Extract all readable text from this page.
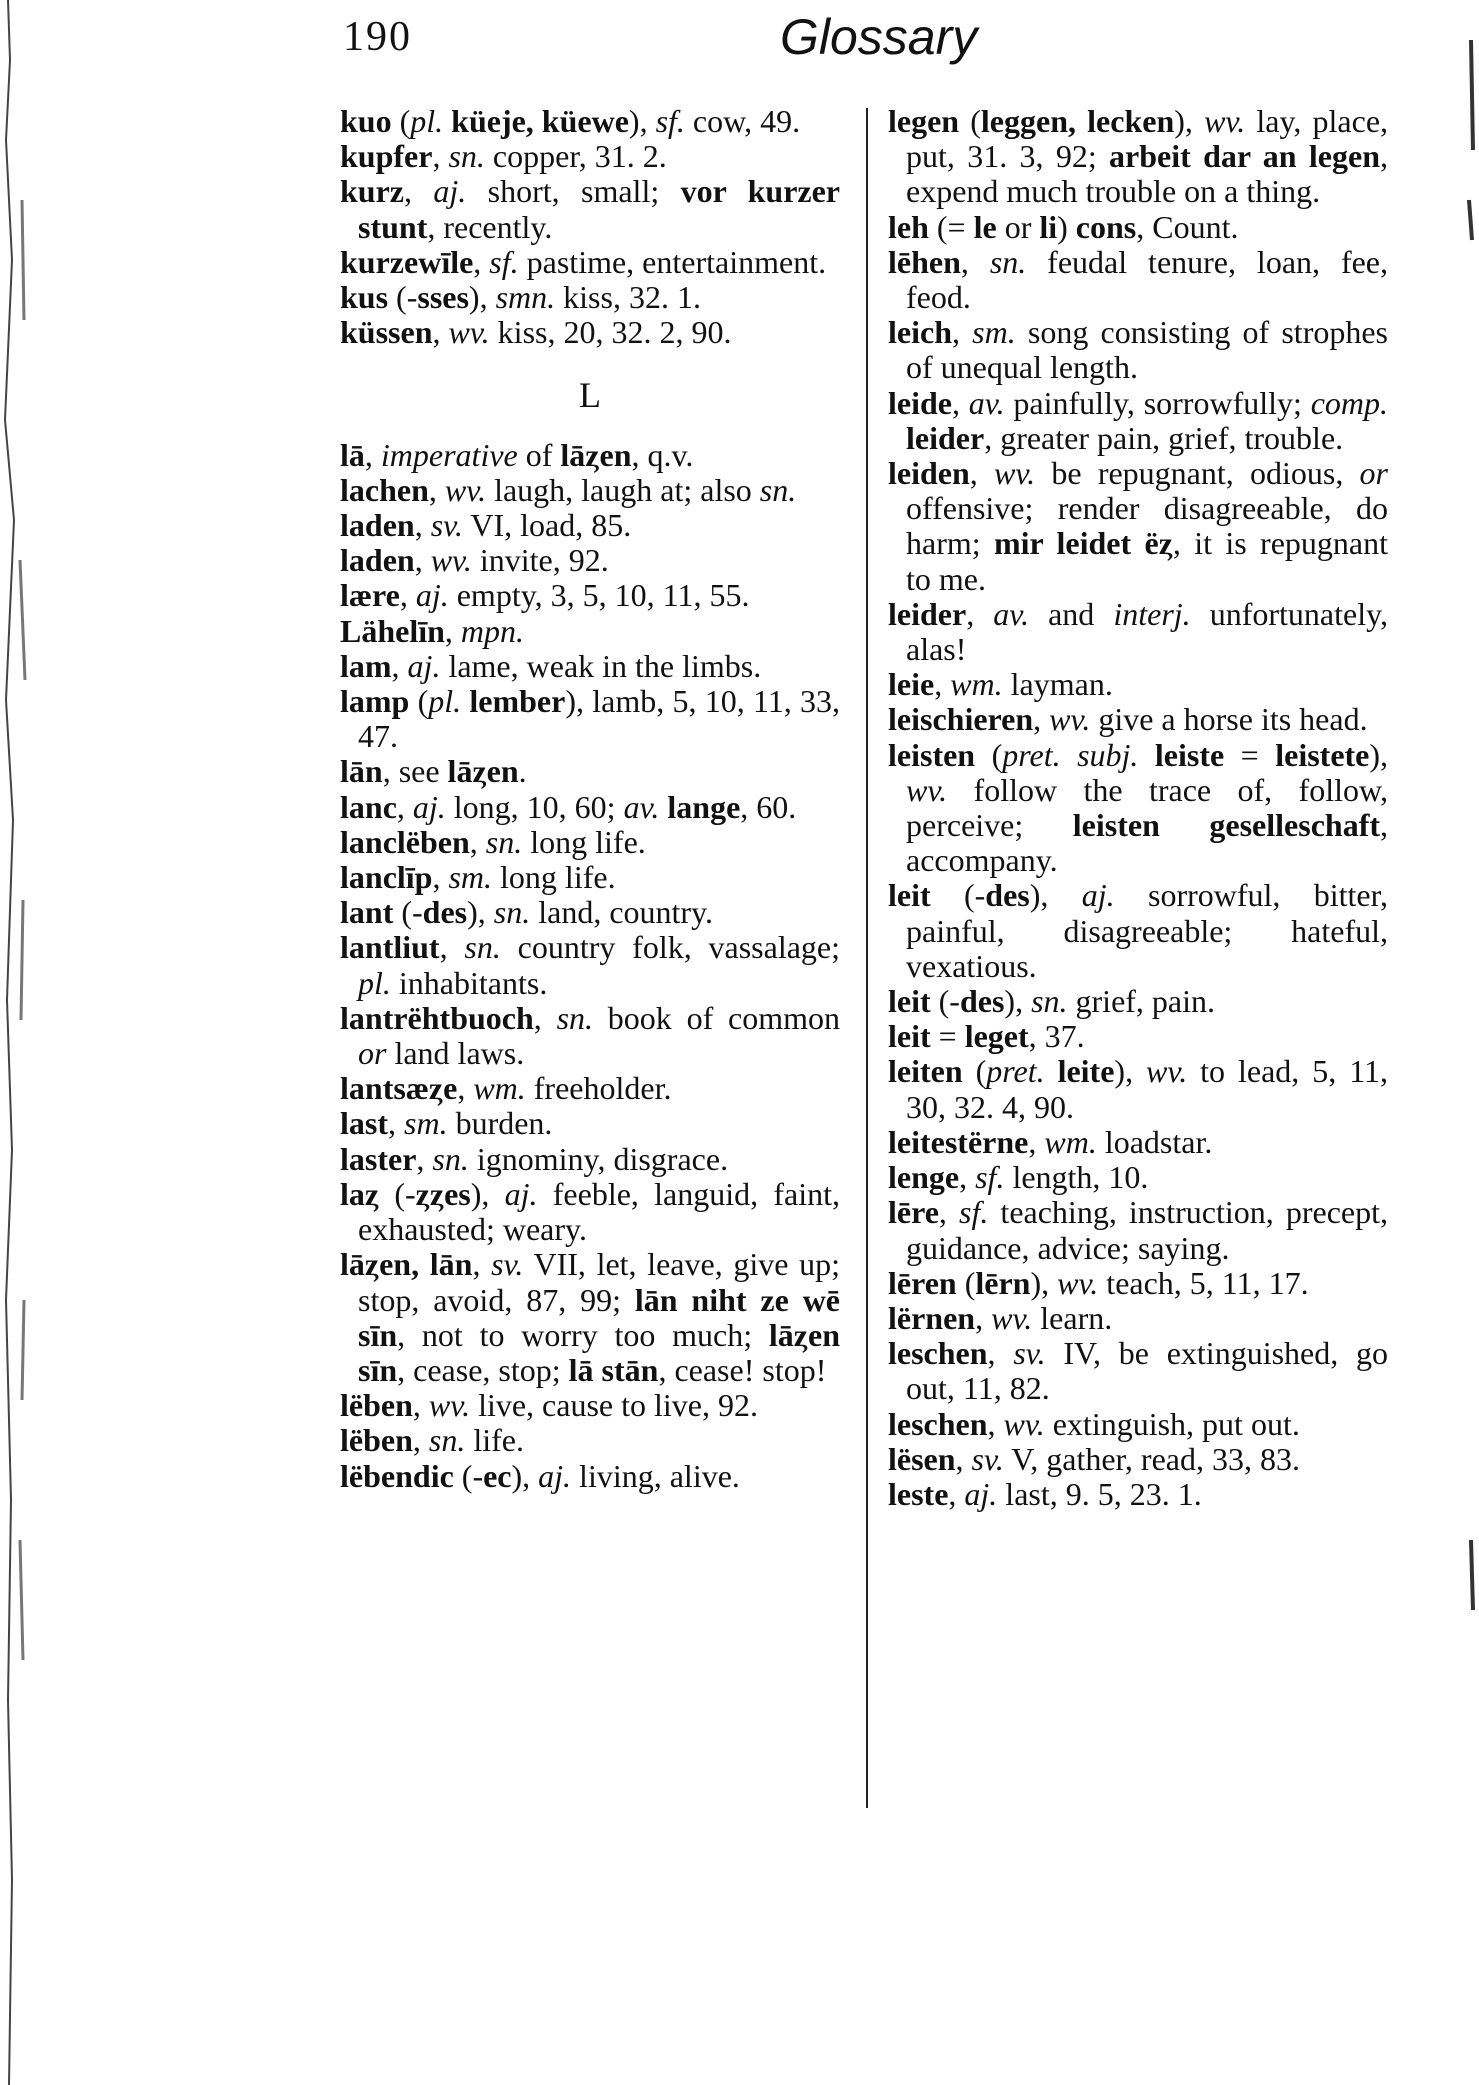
190	Glossary

kuo (pl. küeje, küewe), sf. cow, 49.

kupfer, sn. copper, 31. 2.

kurz, aj. short, small; vor kurzer stunt, recently.

kurzewīle, sf. pastime, entertainment.

kus (-sses), smn. kiss, 32. 1.

küssen, wv. kiss, 20, 32. 2, 90.

L

lā, imperative of lāȥen, q.v.

lachen, wv. laugh, laugh at; also sn.

laden, sv. VI, load, 85.

laden, wv. invite, 92.

lære, aj. empty, 3, 5, 10, 11, 55.

Lähelīn, mpn.

lam, aj. lame, weak in the limbs.

lamp (pl. lember), lamb, 5, 10, 11, 33, 47.

lān, see lāȥen.

lanc, aj. long, 10, 60; av. lange, 60.

lanclëben, sn. long life.

lanclīp, sm. long life.

lant (-des), sn. land, country.

lantliut, sn. country folk, vassalage; pl. inhabitants.

lantrëhtbuoch, sn. book of common or land laws.

lantsæȥe, wm. freeholder.

last, sm. burden.

laster, sn. ignominy, disgrace.

laȥ (-ȥȥes), aj. feeble, languid, faint, exhausted; weary.

lāȥen, lān, sv. VII, let, leave, give up; stop, avoid, 87, 99; lān niht ze wē sīn, not to worry too much; lāȥen sīn, cease, stop; lā stān, cease! stop!

lëben, wv. live, cause to live, 92.

lëben, sn. life.

lëbendic (-ec), aj. living, alive.

legen (leggen, lecken), wv. lay, place, put, 31. 3, 92; arbeit dar an legen, expend much trouble on a thing.

leh (= le or li) cons, Count.

lēhen, sn. feudal tenure, loan, fee, feod.

leich, sm. song consisting of strophes of unequal length.

leide, av. painfully, sorrowfully; comp. leider, greater pain, grief, trouble.

leiden, wv. be repugnant, odious, or offensive; render disagreeable, do harm; mir leidet ëȥ, it is repugnant to me.

leider, av. and interj. unfortunately, alas!

leie, wm. layman.

leischieren, wv. give a horse its head.

leisten (pret. subj. leiste = leistete), wv. follow the trace of, follow, perceive; leisten geselleschaft, accompany.

leit (-des), aj. sorrowful, bitter, painful, disagreeable; hateful, vexatious.

leit (-des), sn. grief, pain.

leit = leget, 37.

leiten (pret. leite), wv. to lead, 5, 11, 30, 32. 4, 90.

leitestërne, wm. loadstar.

lenge, sf. length, 10.

lēre, sf. teaching, instruction, precept, guidance, advice; saying.

lēren (lērn), wv. teach, 5, 11, 17.

lërnen, wv. learn.

leschen, sv. IV, be extinguished, go out, 11, 82.

leschen, wv. extinguish, put out.

lësen, sv. V, gather, read, 33, 83.

leste, aj. last, 9. 5, 23. 1.
